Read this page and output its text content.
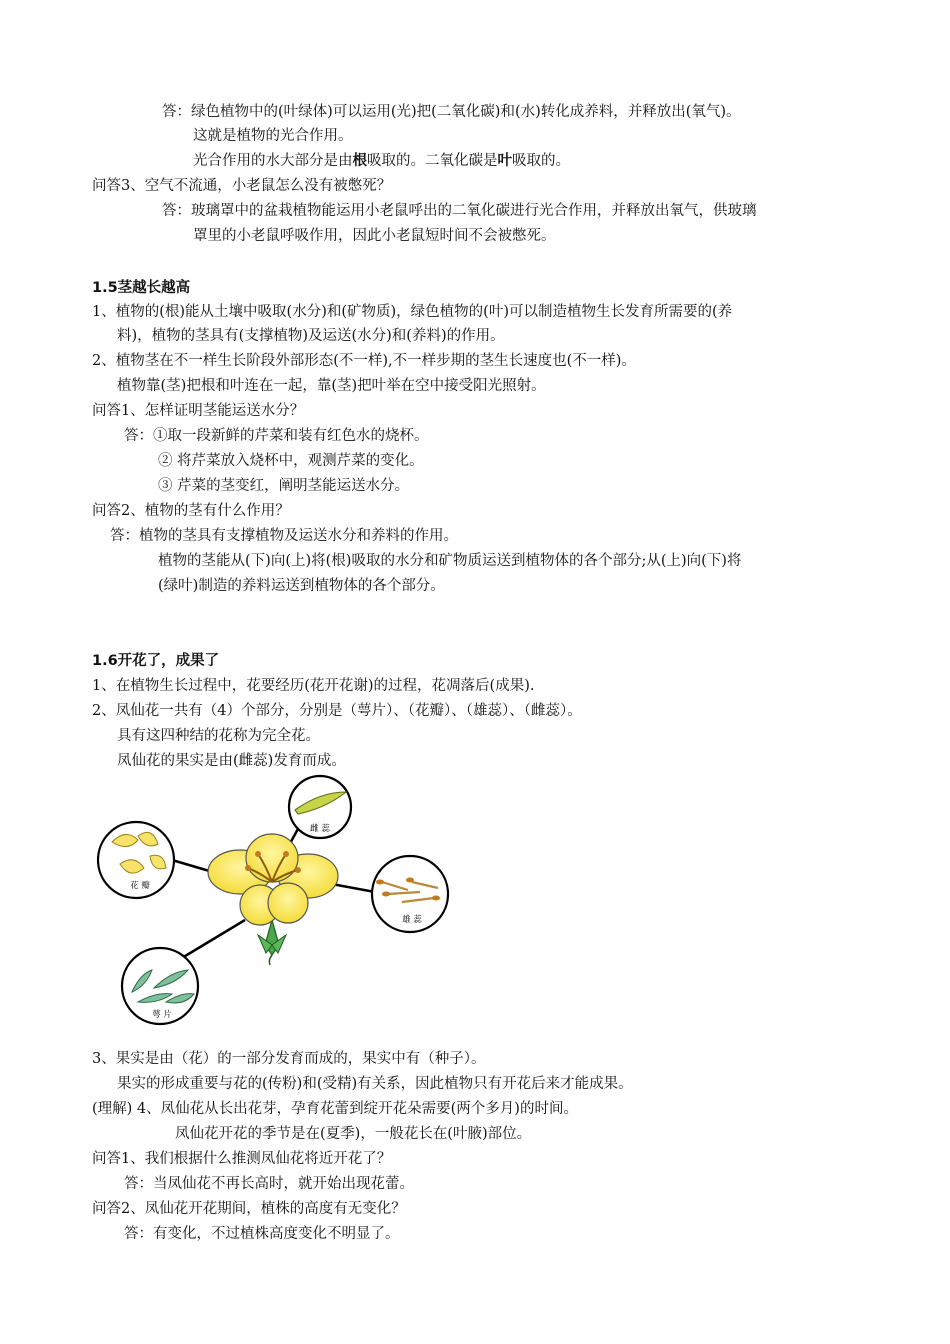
答：绿色植物中的(叶绿体)可以运用(光)把(二氧化碳)和(水)转化成养料，并释放出(氧气)。
这就是植物的光合作用。
光合作用的水大部分是由根吸取的。二氧化碳是叶吸取的。
问答3、空气不流通，小老鼠怎么没有被憋死？
答：玻璃罩中的盆栽植物能运用小老鼠呼出的二氧化碳进行光合作用，并释放出氧气，供玻璃
罩里的小老鼠呼吸作用，因此小老鼠短时间不会被憋死。
1.5茎越长越高
1、植物的(根)能从土壤中吸取(水分)和(矿物质)，绿色植物的(叶)可以制造植物生长发育所需要的(养
料)，植物的茎具有(支撑植物)及运送(水分)和(养料)的作用。
2、植物茎在不一样生长阶段外部形态(不一样),不一样步期的茎生长速度也(不一样)。
植物靠(茎)把根和叶连在一起，靠(茎)把叶举在空中接受阳光照射。
问答1、怎样证明茎能运送水分？
答：①取一段新鲜的芹菜和装有红色水的烧杯。
② 将芹菜放入烧杯中，观测芹菜的变化。
③ 芹菜的茎变红，阐明茎能运送水分。
问答2、植物的茎有什么作用？
答：植物的茎具有支撑植物及运送水分和养料的作用。
植物的茎能从(下)向(上)将(根)吸取的水分和矿物质运送到植物体的各个部分;从(上)向(下)将
(绿叶)制造的养料运送到植物体的各个部分。
1.6开花了，成果了
1、在植物生长过程中，花要经历(花开花谢)的过程，花凋落后(成果).
2、凤仙花一共有（4）个部分，分别是（萼片）、（花瓣）、（雄蕊）、（雌蕊）。
具有这四种结的花称为完全花。
凤仙花的果实是由(雌蕊)发育而成。
雌 蕊
花 瓣
雄 蕊
萼 片
3、果实是由（花）的一部分发育而成的，果实中有（种子）。
果实的形成重要与花的(传粉)和(受精)有关系，因此植物只有开花后来才能成果。
(理解) 4、凤仙花从长出花芽，孕育花蕾到绽开花朵需要(两个多月)的时间。
凤仙花开花的季节是在(夏季)，一般花长在(叶腋)部位。
问答1、我们根据什么推测凤仙花将近开花了？
答：当凤仙花不再长高时，就开始出现花蕾。
问答2、凤仙花开花期间，植株的高度有无变化？
答：有变化，不过植株高度变化不明显了。
